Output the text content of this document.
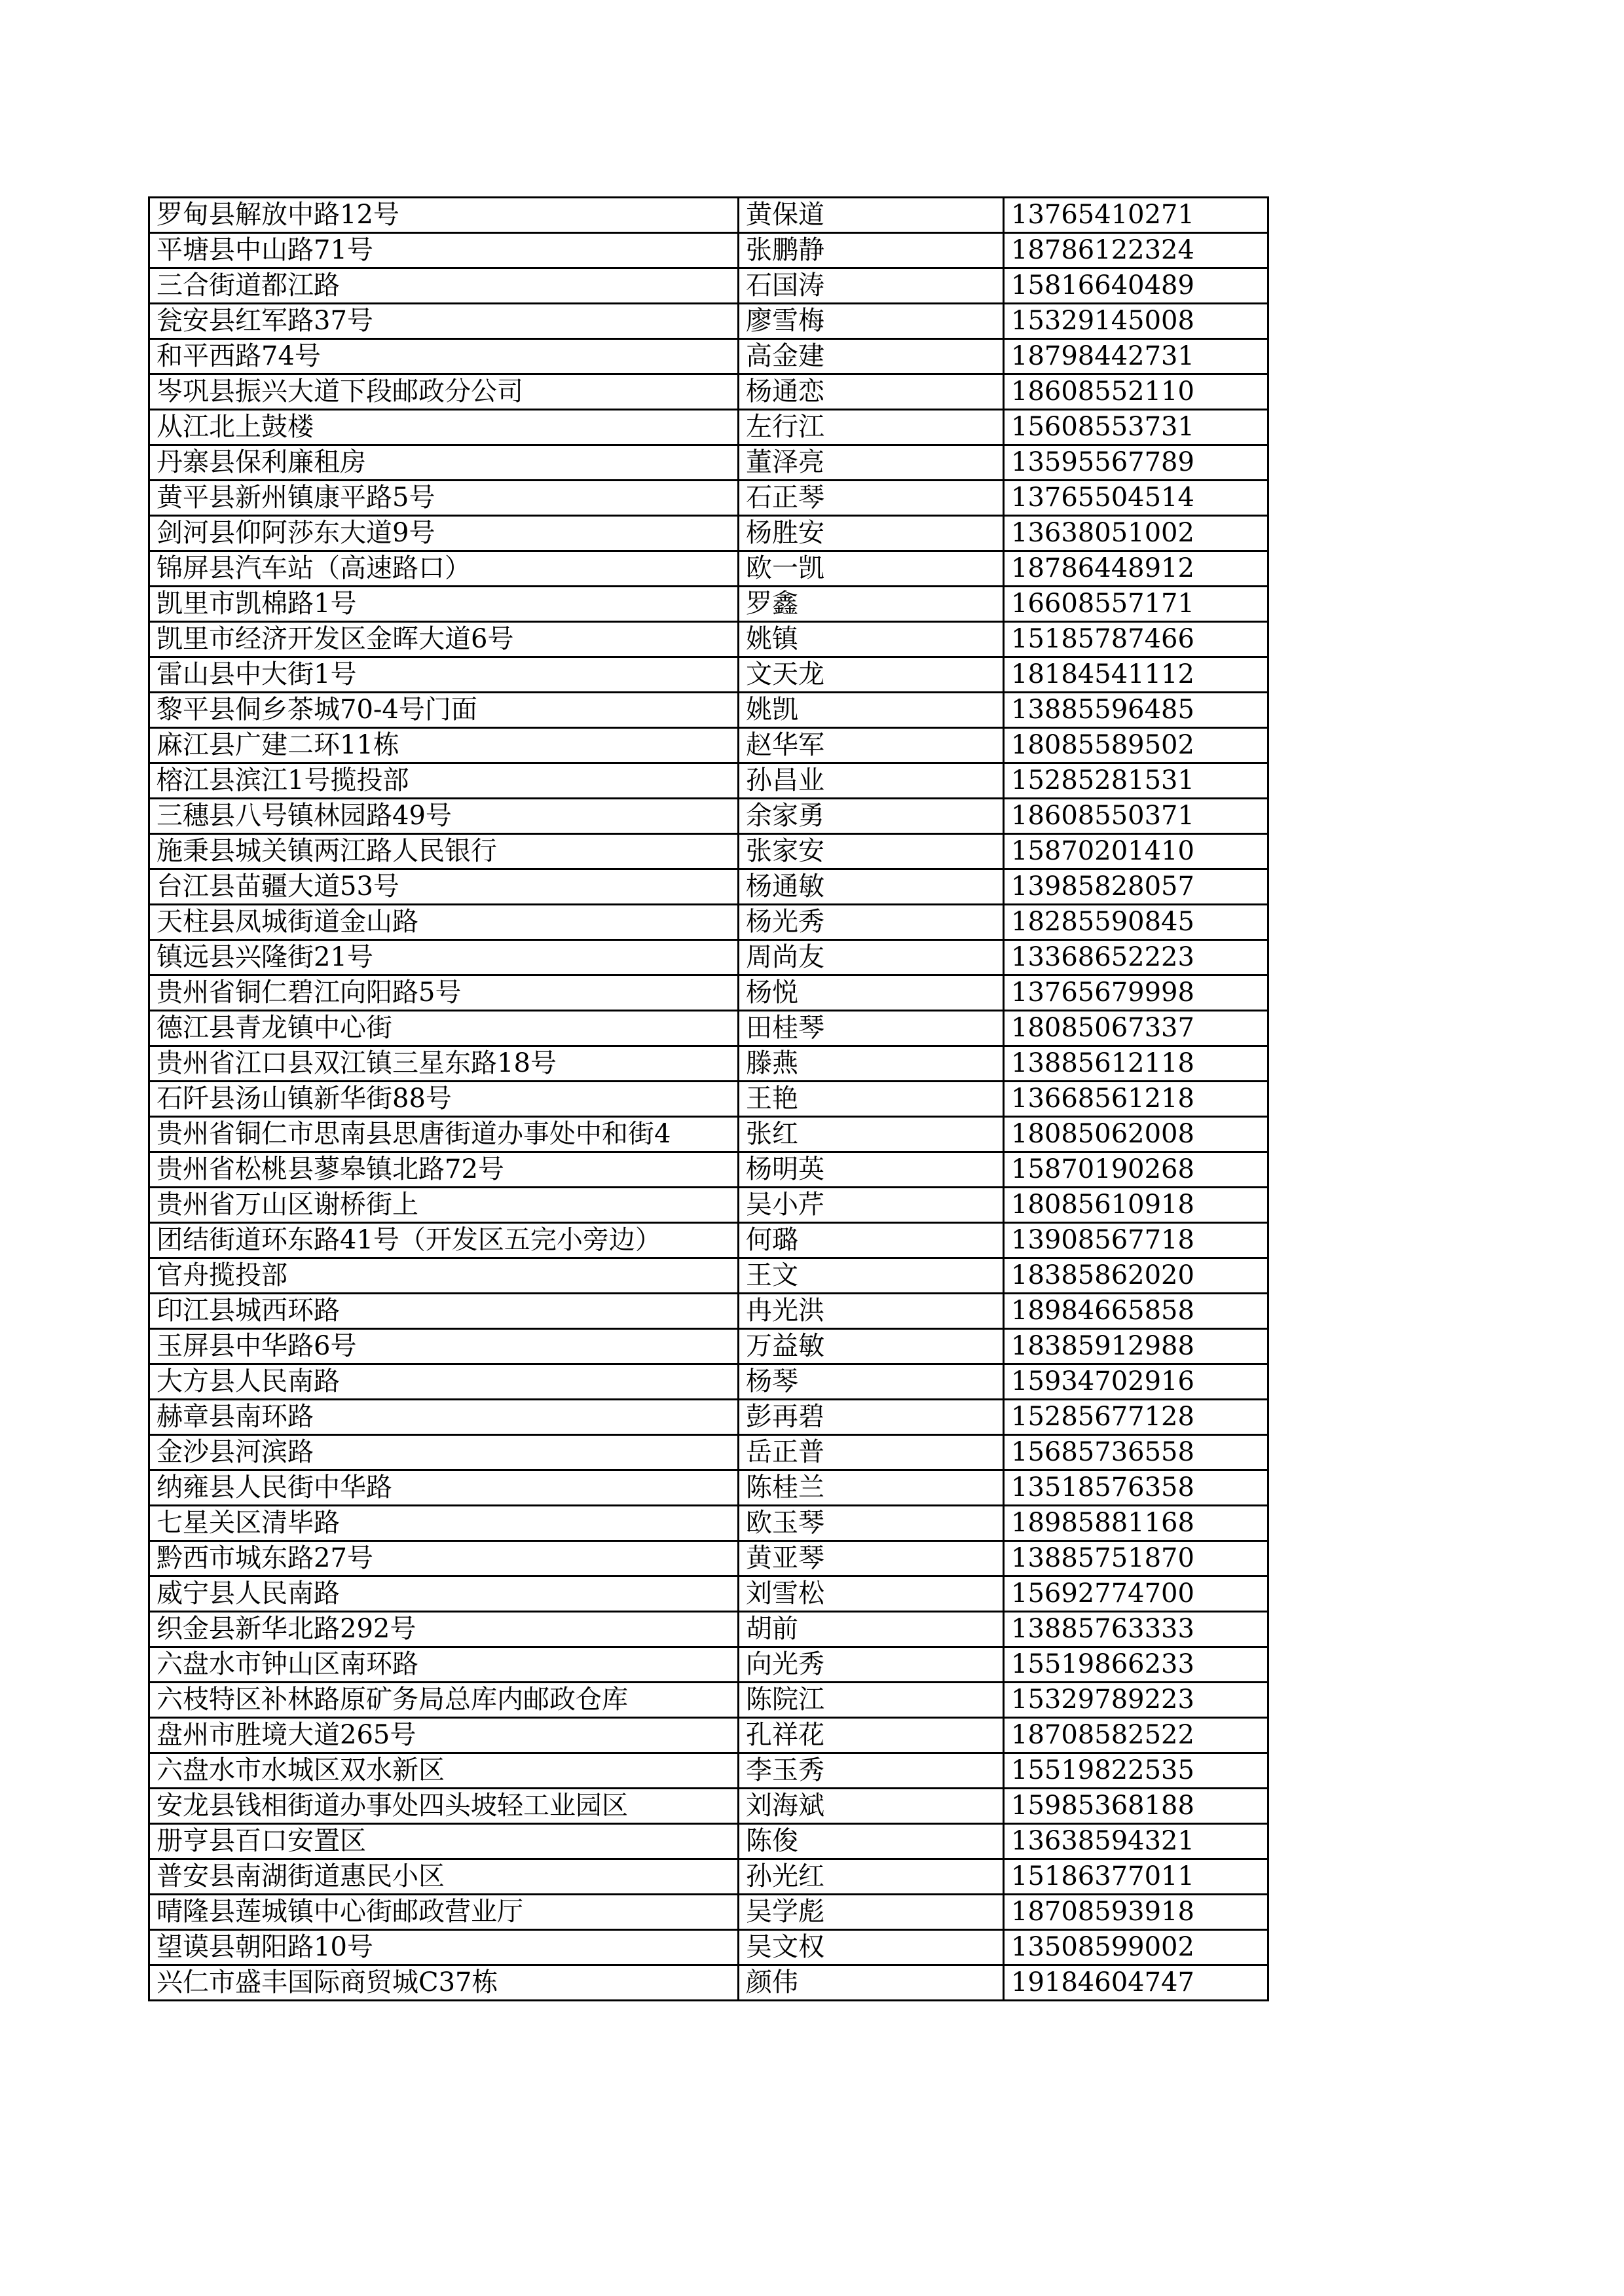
罗甸县解放中路12号	黄保道	13765410271
平塘县中山路71号	张鹏静	18786122324
三合街道都江路	石国涛	15816640489
瓮安县红军路37号	廖雪梅	15329145008
和平西路74号	高金建	18798442731
岑巩县振兴大道下段邮政分公司	杨通恋	18608552110
从江北上鼓楼	左行江	15608553731
丹寨县保利廉租房	董泽亮	13595567789
黄平县新州镇康平路5号	石正琴	13765504514
剑河县仰阿莎东大道9号	杨胜安	13638051002
锦屏县汽车站（高速路口）	欧一凯	18786448912
凯里市凯棉路1号	罗鑫	16608557171
凯里市经济开发区金晖大道6号	姚镇	15185787466
雷山县中大街1号	文天龙	18184541112
黎平县侗乡茶城70-4号门面	姚凯	13885596485
麻江县广建二环11栋	赵华军	18085589502
榕江县滨江1号揽投部	孙昌业	15285281531
三穗县八号镇林园路49号	余家勇	18608550371
施秉县城关镇两江路人民银行	张家安	15870201410
台江县苗疆大道53号	杨通敏	13985828057
天柱县凤城街道金山路	杨光秀	18285590845
镇远县兴隆街21号	周尚友	13368652223
贵州省铜仁碧江向阳路5号	杨悦	13765679998
德江县青龙镇中心街	田桂琴	18085067337
贵州省江口县双江镇三星东路18号	滕燕	13885612118
石阡县汤山镇新华街88号	王艳	13668561218
贵州省铜仁市思南县思唐街道办事处中和街4	张红	18085062008
贵州省松桃县蓼皋镇北路72号	杨明英	15870190268
贵州省万山区谢桥街上	吴小芹	18085610918
团结街道环东路41号（开发区五完小旁边）	何璐	13908567718
官舟揽投部	王文	18385862020
印江县城西环路	冉光洪	18984665858
玉屏县中华路6号	万益敏	18385912988
大方县人民南路	杨琴	15934702916
赫章县南环路	彭再碧	15285677128
金沙县河滨路	岳正普	15685736558
纳雍县人民街中华路	陈桂兰	13518576358
七星关区清毕路	欧玉琴	18985881168
黔西市城东路27号	黄亚琴	13885751870
威宁县人民南路	刘雪松	15692774700
织金县新华北路292号	胡前	13885763333
六盘水市钟山区南环路	向光秀	15519866233
六枝特区补林路原矿务局总库内邮政仓库	陈院江	15329789223
盘州市胜境大道265号	孔祥花	18708582522
六盘水市水城区双水新区	李玉秀	15519822535
安龙县钱相街道办事处四头坡轻工业园区	刘海斌	15985368188
册亨县百口安置区	陈俊	13638594321
普安县南湖街道惠民小区	孙光红	15186377011
晴隆县莲城镇中心街邮政营业厅	吴学彪	18708593918
望谟县朝阳路10号	吴文权	13508599002
兴仁市盛丰国际商贸城C37栋	颜伟	19184604747
